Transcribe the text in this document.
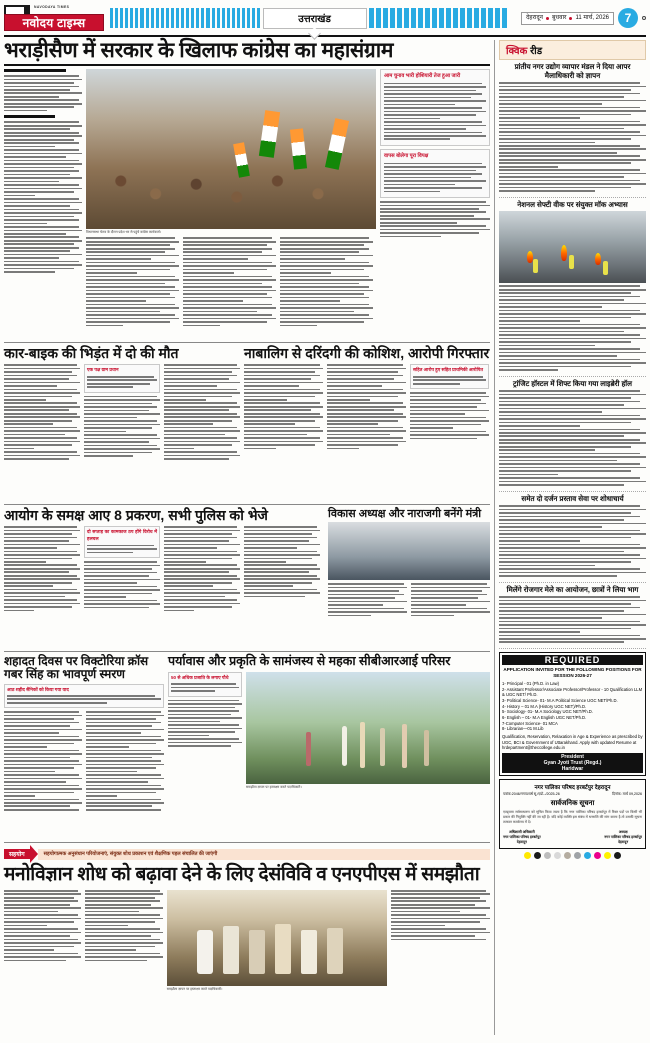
NAVODAYA TIMES
नवोदय टाइम्स	उत्तराखंड	देहरादून बुधवार 11 मार्च, 2026	7
भराड़ीसैण में सरकार के खिलाफ कांग्रेस का महासंग्राम
विधानसभा घेराव के दौरान प्रदेश भर से पहुंचे कांग्रेस कार्यकर्ता।
आम चुनाव भारी होशियारी तेज हुआ जारी
वापस बोलेगा पूरा विपक्ष
कार-बाइक की भिड़ंत में दो की मौत
एक पक्ष ग्राम प्रधान
नाबालिग से दरिंदगी की कोशिश, आरोपी गिरफ्तार
सहित आरोप हुए सहित प्राथमिकी आरोपित
आयोग के समक्ष आए 8 प्रकरण, सभी पुलिस को भेजे
दो सप्ताह का कामकाज ठप होंगे विरोध में हलचल
विकास अध्यक्ष और नाराजगी बनेंगे मंत्री
शहादत दिवस पर विक्टोरिया क्रॉस गबर सिंह का भावपूर्ण स्मरण
आठ शहीद सैनिकों को किया गया याद
पर्यावास और प्रकृति के सामंजस्य से महका सीबीआरआई परिसर
50 से अधिक प्रजाति के लगाए पौधे
समझौता ज्ञापन पर हस्ताक्षर करते पदाधिकारी।
सहयोग	सहयोगात्मक अनुसंधान परियोजनाएं, संयुक्त शोध प्रकाशन एवं शैक्षणिक पहल संचालित की जाएंगी
मनोविज्ञान शोध को बढ़ावा देने के लिए देसंविवि व एनएपीएस में समझौता
समझौता ज्ञापन पर हस्ताक्षर करते पदाधिकारी।
क्विक रीड
प्रांतीय नगर उद्योग व्यापार मंडल ने दिया आपर मैलाधिकारी को ज्ञापन
नेशनल सेफ्टी वीक पर संयुक्त मॉक अभ्यास
ट्रांजिट हॉस्टल में शिफ्ट किया गया लाइब्रेरी हॉल
समेत दो दर्जन प्रस्ताव सेवा पर शोधाचार्य
मिलेंगे रोजगार मेले का आयोजन, छात्रों ने लिया भाग
REQUIRED
APPLICATION INVITED FOR THE FOLLOWING POSITIONS FOR SESSION 2026-27
1- Principal - 01 (Ph.D. in Law)
2- Assistant Professor/Associate Professor/Professor - 10 Qualification LLM & UGC NET/ Ph.D.
3- Political Science- 01- M.A Political Science UGC NET/Ph.D.
4- History – 01 M.A (History UGC NET)/Ph.D.
5- Sociology- 01- M.A Sociology UGC NET/Ph.D.
6- English – 01- M.A English UGC NET/Ph.D.
7-Computer Science- 01 MCA
8- Librarian—01 M.Lib
Qualification, Reservation, Relaxation in Age & Experience as prescribed by UGC, BCI & Government of Uttarakhand. Apply with updated Resume at hrdepartment@theccollege.edu.in
President
Gyan Jyoti Trust (Regd.)
Haridwar
नगर पालिका परिषद हरबर्टपुर देहरादून
पत्रांक:2046/नगपा/वर्ष सू./एप्रो--/2025-26	दिनांक: मार्च 09,2026
सार्वजनिक सूचना
एतद्द्वारा सर्वसाधारण को सूचित किया जाता है कि नगर पालिका परिषद हरबर्टपुर में रिक्त पदों पर किसी भी प्रकार की नियुक्ति नहीं की जा रही है। यदि कोई व्यक्ति इस संबंध में धनराशि की मांग करता है तो उसकी सूचना तत्काल कार्यालय में दें।
अधिशासी अधिकारी
नगर पालिका परिषद हरबर्टपुर
देहरादून
अध्यक्ष
नगर पालिका परिषद हरबर्टपुर
देहरादून
